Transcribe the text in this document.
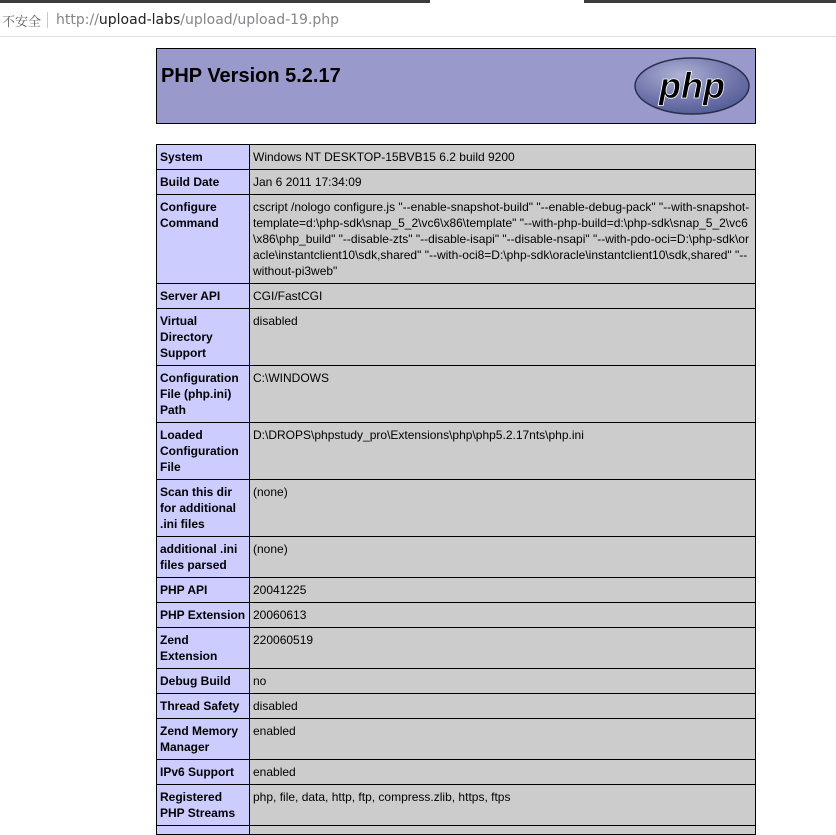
不安全 http://upload-labs/upload/upload-19.php
PHP Version 5.2.17	php
System	Windows NT DESKTOP-15BVB15 6.2 build 9200
Build Date	Jan 6 2011 17:34:09
Configure Command	cscript /nologo configure.js "--enable-snapshot-build" "--enable-debug-pack" "--with-snapshot-template=d:\php-sdk\snap_5_2\vc6\x86\template" "--with-php-build=d:\php-sdk\snap_5_2\vc6\x86\php_build" "--disable-zts" "--disable-isapi" "--disable-nsapi" "--with-pdo-oci=D:\php-sdk\oracle\instantclient10\sdk,shared" "--with-oci8=D:\php-sdk\oracle\instantclient10\sdk,shared" "--without-pi3web"
Server API	CGI/FastCGI
Virtual Directory Support	disabled
Configuration File (php.ini) Path	C:\WINDOWS
Loaded Configuration File	D:\DROPS\phpstudy_pro\Extensions\php\php5.2.17nts\php.ini
Scan this dir for additional .ini files	(none)
additional .ini files parsed	(none)
PHP API	20041225
PHP Extension	20060613
Zend Extension	220060519
Debug Build	no
Thread Safety	disabled
Zend Memory Manager	enabled
IPv6 Support	enabled
Registered PHP Streams	php, file, data, http, ftp, compress.zlib, https, ftps
